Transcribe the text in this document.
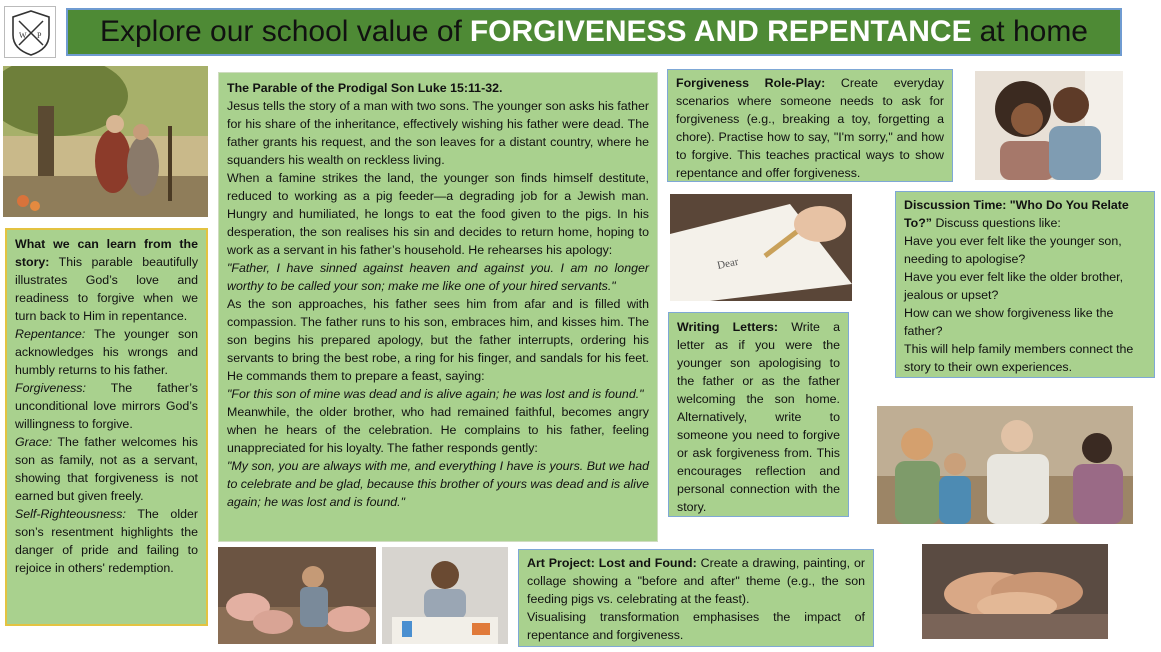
W P Explore our school value of FORGIVENESS AND REPENTANCE at home
The Parable of the Prodigal Son Luke 15:11-32.
Jesus tells the story of a man with two sons. The younger son asks his father for his share of the inheritance, effectively wishing his father were dead. The father grants his request, and the son leaves for a distant country, where he squanders his wealth on reckless living.
When a famine strikes the land, the younger son finds himself destitute, reduced to working as a pig feeder—a degrading job for a Jewish man. Hungry and humiliated, he longs to eat the food given to the pigs. In his desperation, the son realises his sin and decides to return home, hoping to work as a servant in his father’s household. He rehearses his apology:
"Father, I have sinned against heaven and against you. I am no longer worthy to be called your son; make me like one of your hired servants."
As the son approaches, his father sees him from afar and is filled with compassion. The father runs to his son, embraces him, and kisses him. The son begins his prepared apology, but the father interrupts, ordering his servants to bring the best robe, a ring for his finger, and sandals for his feet. He commands them to prepare a feast, saying:
"For this son of mine was dead and is alive again; he was lost and is found."
Meanwhile, the older brother, who had remained faithful, becomes angry when he hears of the celebration. He complains to his father, feeling unappreciated for his loyalty. The father responds gently:
"My son, you are always with me, and everything I have is yours. But we had to celebrate and be glad, because this brother of yours was dead and is alive again; he was lost and is found."
What we can learn from the story: This parable beautifully illustrates God’s love and readiness to forgive when we turn back to Him in repentance.
Repentance: The younger son acknowledges his wrongs and humbly returns to his father.
Forgiveness: The father’s unconditional love mirrors God’s willingness to forgive.
Grace: The father welcomes his son as family, not as a servant, showing that forgiveness is not earned but given freely.
Self-Righteousness: The older son’s resentment highlights the danger of pride and failing to rejoice in others' redemption.
Forgiveness Role-Play: Create everyday scenarios where someone needs to ask for forgiveness (e.g., breaking a toy, forgetting a chore). Practise how to say, "I'm sorry," and how to forgive. This teaches practical ways to show repentance and offer forgiveness.
Dear
Discussion Time: "Who Do You Relate To?” Discuss questions like:
Have you ever felt like the younger son, needing to apologise?
Have you ever felt like the older brother, jealous or upset?
How can we show forgiveness like the father?
This will help family members connect the story to their own experiences.
Writing Letters: Write a letter as if you were the younger son apologising to the father or as the father welcoming the son home. Alternatively, write to someone you need to forgive or ask forgiveness from. This encourages reflection and personal connection with the story.
Art Project: Lost and Found: Create a drawing, painting, or collage showing a "before and after" theme (e.g., the son feeding pigs vs. celebrating at the feast).
Visualising transformation emphasises the impact of repentance and forgiveness.
